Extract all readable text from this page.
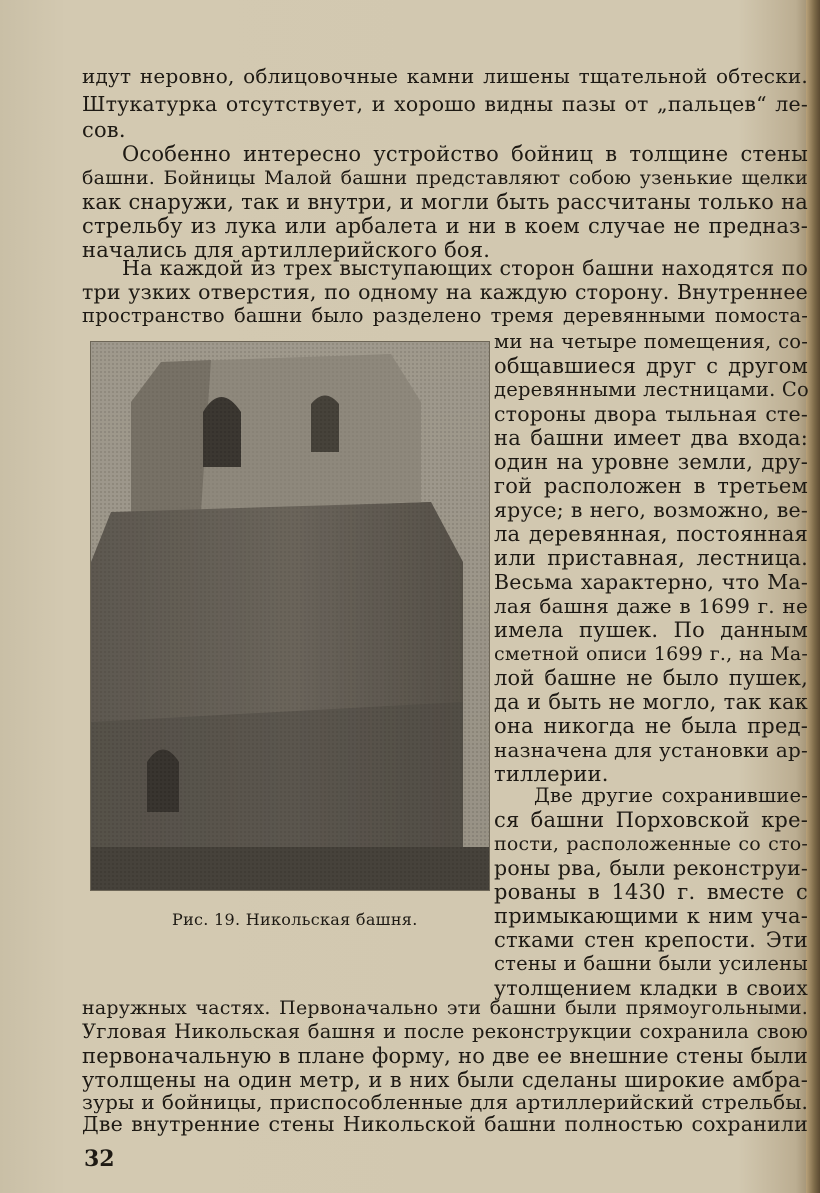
идут неровно, облицовочные камни лишены тщательной обтески.
Штукатурка отсутствует, и хорошо видны пазы от „пальцев“ ле-
сов.
Особенно интересно устройство бойниц в толщине стены
башни. Бойницы Малой башни представляют собою узенькие щелки
как снаружи, так и внутри, и могли быть рассчитаны только на
стрельбу из лука или арбалета и ни в коем случае не предназ-
начались для артиллерийского боя.
На каждой из трех выступающих сторон башни находятся по
три узких отверстия, по одному на каждую сторону. Внутреннее
пространство башни было разделено тремя деревянными помоста-
ми на четыре помещения, со-
общавшиеся друг с другом
деревянными лестницами. Со
стороны двора тыльная сте-
на башни имеет два входа:
один на уровне земли, дру-
гой расположен в третьем
ярусе; в него, возможно, ве-
ла деревянная, постоянная
или приставная, лестница.
Весьма характерно, что Ма-
лая башня даже в 1699 г. не
имела пушек. По данным
сметной описи 1699 г., на Ма-
лой башне не было пушек,
да и быть не могло, так как
она никогда не была пред-
назначена для установки ар-
тиллерии.
Две другие сохранившие-
ся башни Порховской кре-
пости, расположенные со сто-
роны рва, были реконструи-
рованы в 1430 г. вместе с
примыкающими к ним уча-
стками стен крепости. Эти
стены и башни были усилены
утолщением кладки в своих
Рис. 19. Никольская башня.
наружных частях. Первоначально эти башни были прямоугольными.
Угловая Никольская башня и после реконструкции сохранила свою
первоначальную в плане форму, но две ее внешние стены были
утолщены на один метр, и в них были сделаны широкие амбра-
зуры и бойницы, приспособленные для артиллерийский стрельбы.
32
Две внутренние стены Никольской башни полностью сохранили
